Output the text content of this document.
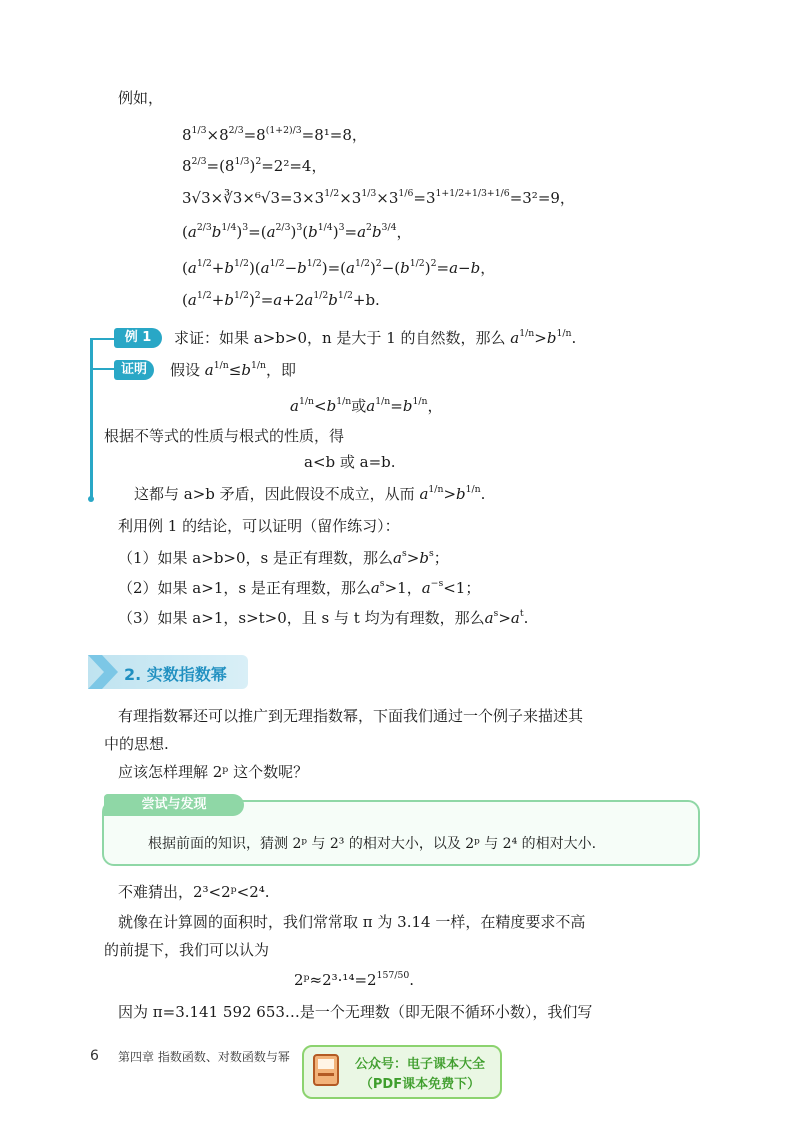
例如，
$8^{1/3}\times 8^{2/3}=8^{(1+2)/3}=8^1=8$，
$8^{2/3}=(8^{1/3})^2=2^2=4$，
$3√3\times∛3\times^6√3=3\times 3^{1/2}\times 3^{1/3}\times 3^{1/6}=3^{1+1/2+1/3+1/6}=3^2=9$，
$(a^{2/3}b^{1/4})^3=(a^{2/3})^3(b^{1/4})^3=a^2b^{3/4}$，
$(a^{1/2}+b^{1/2})(a^{1/2}-b^{1/2})=(a^{1/2})^2-(b^{1/2})^2=a-b$，
$(a^{1/2}+b^{1/2})^2=a+2a^{1/2}b^{1/2}+b$.
例 1	求证：如果 a>b>0，n 是大于 1 的自然数，那么 $a^{1/n}>b^{1/n}$.
证明	假设 $a^{1/n}\le b^{1/n}$，即
$a^{1/n}<b^{1/n}$或$a^{1/n}=b^{1/n}$，
根据不等式的性质与根式的性质，得
a<b 或 a=b.
这都与 a>b 矛盾，因此假设不成立，从而 $a^{1/n}>b^{1/n}$.
利用例 1 的结论，可以证明（留作练习）：
（1）如果 a>b>0，s 是正有理数，那么$a^s>b^s$；
（2）如果 a>1，s 是正有理数，那么$a^s>1$，$a^{-s}<1$；
（3）如果 a>1，s>t>0，且 s 与 t 均为有理数，那么$a^s>a^t$.
2. 实数指数幂
有理指数幂还可以推广到无理指数幂，下面我们通过一个例子来描述其
中的思想.
应该怎样理解 2ᵖ 这个数呢？
尝试与发现
根据前面的知识，猜测 2ᵖ 与 2³ 的相对大小，以及 2ᵖ 与 2⁴ 的相对大小.
不难猜出，2³<2ᵖ<2⁴.
就像在计算圆的面积时，我们常常取 π 为 3.14 一样，在精度要求不高
的前提下，我们可以认为
$2ᵖ\approx 2^3\cdot^{14}=2^{157/50}$.
因为 π=3.141 592 653…是一个无理数（即无限不循环小数），我们写
6 第四章 指数函数、对数函数与幂	公众号：电子课本大全
（PDF课本免费下）
